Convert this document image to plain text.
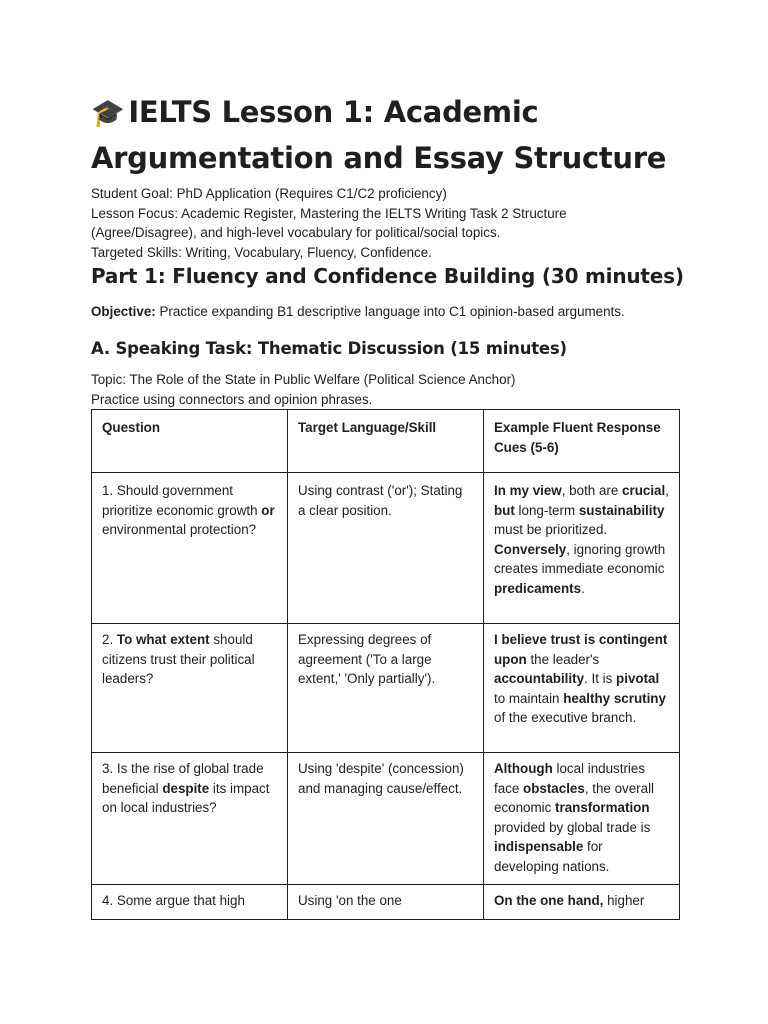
🎓 IELTS Lesson 1: Academic
Argumentation and Essay Structure
Student Goal: PhD Application (Requires C1/C2 proficiency)
Lesson Focus: Academic Register, Mastering the IELTS Writing Task 2 Structure
(Agree/Disagree), and high-level vocabulary for political/social topics.
Targeted Skills: Writing, Vocabulary, Fluency, Confidence.
Part 1: Fluency and Confidence Building (30 minutes)

Objective: Practice expanding B1 descriptive language into C1 opinion-based arguments.

A. Speaking Task: Thematic Discussion (15 minutes)
Topic: The Role of the State in Public Welfare (Political Science Anchor)
Practice using connectors and opinion phrases.
Question	Target Language/Skill	Example Fluent Response Cues (5-6)
1. Should government prioritize economic growth or environmental protection?	Using contrast ('or'); Stating a clear position.	In my view, both are crucial, but long-term sustainability must be prioritized. Conversely, ignoring growth creates immediate economic predicaments.
2. To what extent should citizens trust their political leaders?	Expressing degrees of agreement ('To a large extent,' 'Only partially').	I believe trust is contingent upon the leader's accountability. It is pivotal to maintain healthy scrutiny of the executive branch.
3. Is the rise of global trade beneficial despite its impact on local industries?	Using 'despite' (concession) and managing cause/effect.	Although local industries face obstacles, the overall economic transformation provided by global trade is indispensable for developing nations.
4. Some argue that high	Using 'on the one	On the one hand, higher
